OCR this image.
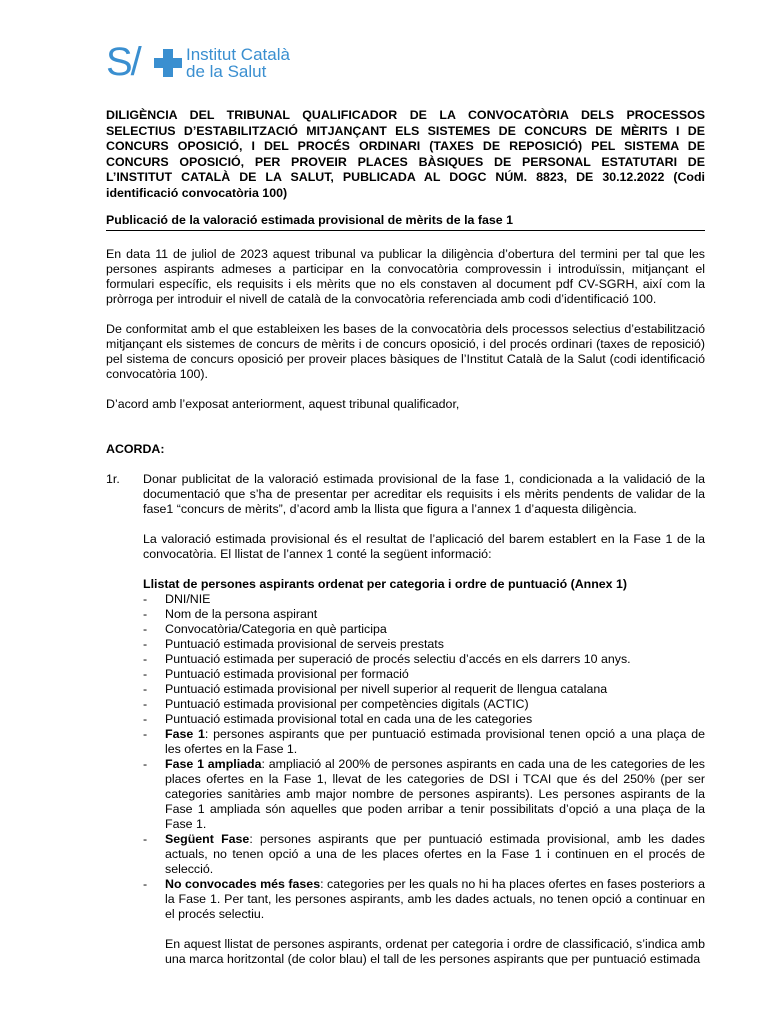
S/	Institut Català
de la Salut

DILIGÈNCIA DEL TRIBUNAL QUALIFICADOR DE LA CONVOCATÒRIA DELS PROCESSOS SELECTIUS D’ESTABILITZACIÓ MITJANÇANT ELS SISTEMES DE CONCURS DE MÈRITS I DE CONCURS OPOSICIÓ, I DEL PROCÉS ORDINARI (TAXES DE REPOSICIÓ) PEL SISTEMA DE CONCURS OPOSICIÓ, PER PROVEIR PLACES BÀSIQUES DE PERSONAL ESTATUTARI DE L’INSTITUT CATALÀ DE LA SALUT, PUBLICADA AL DOGC NÚM. 8823, DE 30.12.2022 (Codi identificació convocatòria 100)

Publicació de la valoració estimada provisional de mèrits de la fase 1

En data 11 de juliol de 2023 aquest tribunal va publicar la diligència d’obertura del termini per tal que les persones aspirants admeses a participar en la convocatòria comprovessin i introduïssin, mitjançant el formulari específic, els requisits i els mèrits que no els constaven al document pdf CV-SGRH, així com la pròrroga per introduir el nivell de català de la convocatòria referenciada amb codi d’identificació 100.

De conformitat amb el que estableixen les bases de la convocatòria dels processos selectius d’estabilització mitjançant els sistemes de concurs de mèrits i de concurs oposició, i del procés ordinari (taxes de reposició) pel sistema de concurs oposició per proveir places bàsiques de l’Institut Català de la Salut (codi identificació convocatòria 100).

D’acord amb l’exposat anteriorment, aquest tribunal qualificador,

ACORDA:
1r.	Donar publicitat de la valoració estimada provisional de la fase 1, condicionada a la validació de la documentació que s’ha de presentar per acreditar els requisits i els mèrits pendents de validar de la fase1 “concurs de mèrits”, d’acord amb la llista que figura a l’annex 1 d’aquesta diligència.

La valoració estimada provisional és el resultat de l’aplicació del barem establert en la Fase 1 de la convocatòria. El llistat de l’annex 1 conté la següent informació:

Llistat de persones aspirants ordenat per categoria i ordre de puntuació (Annex 1)
-	DNI/NIE
-	Nom de la persona aspirant
-	Convocatòria/Categoria en què participa
-	Puntuació estimada provisional de serveis prestats
-	Puntuació estimada per superació de procés selectiu d’accés en els darrers 10 anys.
-	Puntuació estimada provisional per formació
-	Puntuació estimada provisional per nivell superior al requerit de llengua catalana
-	Puntuació estimada provisional per competències digitals (ACTIC)
-	Puntuació estimada provisional total en cada una de les categories
-	Fase 1: persones aspirants que per puntuació estimada provisional tenen opció a una plaça de les ofertes en la Fase 1.
-	Fase 1 ampliada: ampliació al 200% de persones aspirants en cada una de les categories de les places ofertes en la Fase 1, llevat de les categories de DSI i TCAI que és del 250% (per ser categories sanitàries amb major nombre de persones aspirants). Les persones aspirants de la Fase 1 ampliada són aquelles que poden arribar a tenir possibilitats d’opció a una plaça de la Fase 1.
-	Següent Fase: persones aspirants que per puntuació estimada provisional, amb les dades actuals, no tenen opció a una de les places ofertes en la Fase 1 i continuen en el procés de selecció.
-	No convocades més fases: categories per les quals no hi ha places ofertes en fases posteriors a la Fase 1. Per tant, les persones aspirants, amb les dades actuals, no tenen opció a continuar en el procés selectiu.

En aquest llistat de persones aspirants, ordenat per categoria i ordre de classificació, s’indica amb una marca horitzontal (de color blau) el tall de les persones aspirants que per puntuació estimada
